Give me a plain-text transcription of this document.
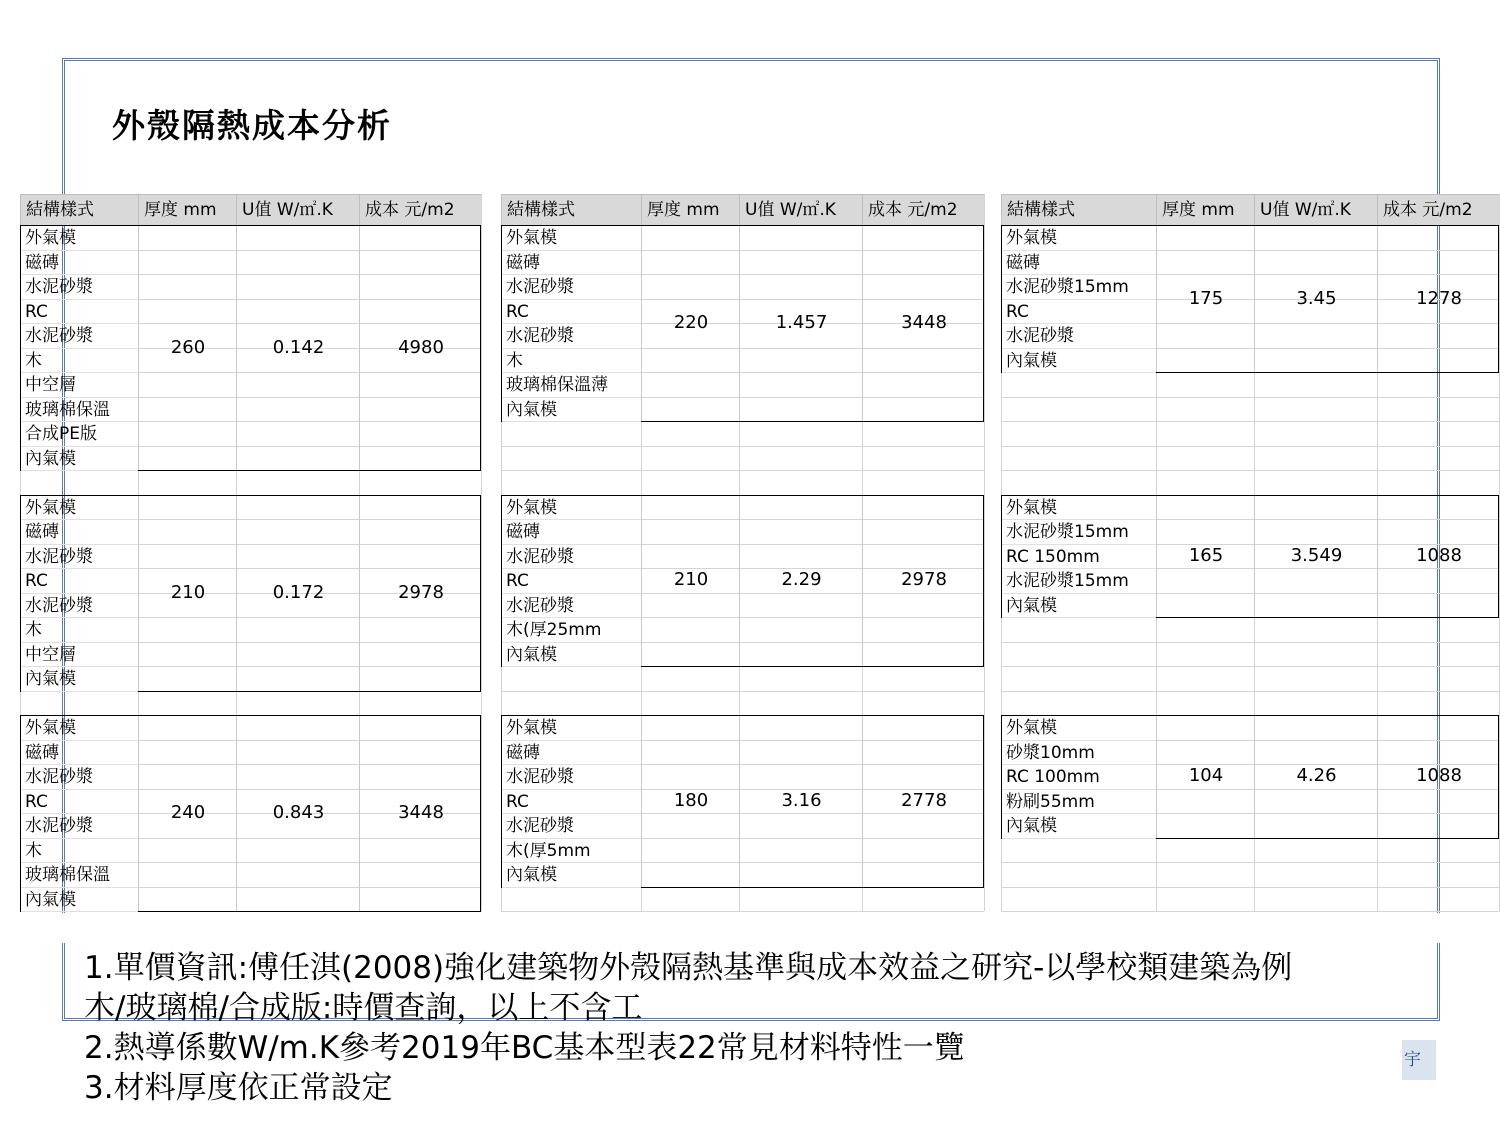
外殼隔熱成本分析
結構樣式	厚度 mm	U值 W/㎡.K	成本 元/m2	結構樣式	厚度 mm	U值 W/㎡.K	成本 元/m2	結構樣式	厚度 mm	U值 W/㎡.K	成本 元/m2
外氣模
磁磚
水泥砂漿
RC
水泥砂漿
木
中空層
玻璃棉保溫
合成PE版
內氣模
260	0.142	4980
外氣模
磁磚
水泥砂漿
RC
水泥砂漿
木
玻璃棉保溫薄
內氣模
220	1.457	3448
外氣模
磁磚
水泥砂漿15mm
RC
水泥砂漿
內氣模
175	3.45	1278
外氣模
磁磚
水泥砂漿
RC
水泥砂漿
木
中空層
內氣模
210	0.172	2978
外氣模
磁磚
水泥砂漿
RC
水泥砂漿
木(厚25mm
內氣模
210	2.29	2978
外氣模
水泥砂漿15mm
RC 150mm
水泥砂漿15mm
內氣模
165	3.549	1088
外氣模
磁磚
水泥砂漿
RC
水泥砂漿
木
玻璃棉保溫
內氣模
240	0.843	3448
外氣模
磁磚
水泥砂漿
RC
水泥砂漿
木(厚5mm
內氣模
180	3.16	2778
外氣模
砂漿10mm
RC 100mm
粉刷55mm
內氣模
104	4.26	1088
1.單價資訊:傅任淇(2008)強化建築物外殼隔熱基準與成本效益之研究-以學校類建築為例
木/玻璃棉/合成版:時價查詢，以上不含工
2.熱導係數W/m.K參考2019年BC基本型表22常見材料特性一覽
3.材料厚度依正常設定
宇
